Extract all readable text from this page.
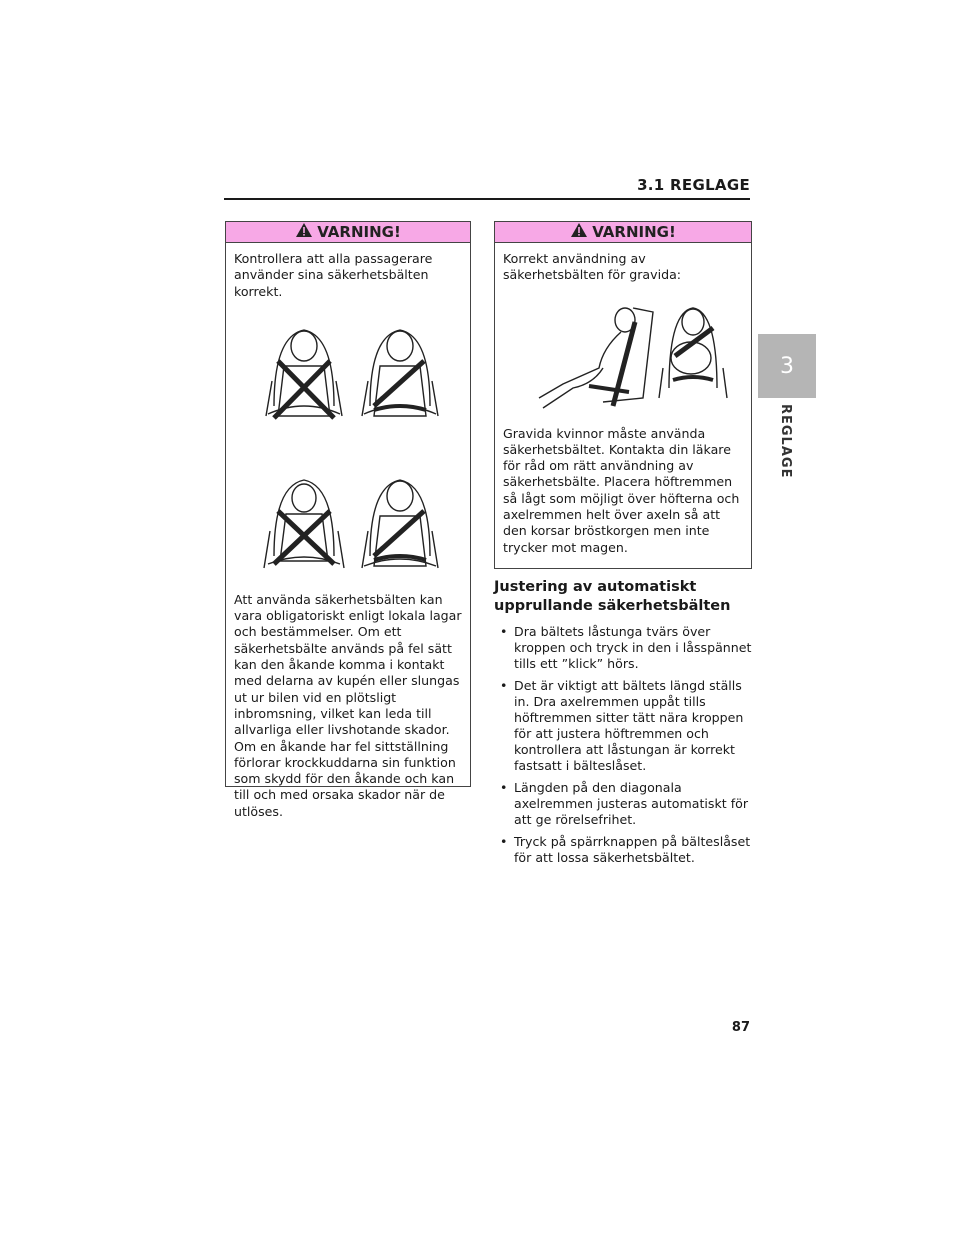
3.1 REGLAGE
3
REGLAGE
VARNING!

Kontrollera att alla passagerare använder sina säkerhetsbälten korrekt.

Att använda säkerhetsbälten kan vara obligatoriskt enligt lokala lagar och bestämmelser. Om ett säkerhetsbälte används på fel sätt kan den åkande komma i kontakt med delarna av kupén eller slungas ut ur bilen vid en plötsligt inbromsning, vilket kan leda till allvarliga eller livshotande skador. Om en åkande har fel sittställning förlorar krockkuddarna sin funktion som skydd för den åkande och kan till och med orsaka skador när de utlöses.

VARNING!

Korrekt användning av säkerhetsbälten för gravida:

Gravida kvinnor måste använda säkerhetsbältet. Kontakta din läkare för råd om rätt användning av säkerhetsbälte. Placera höftremmen så lågt som möjligt över höfterna och axelremmen helt över axeln så att den korsar bröstkorgen men inte trycker mot magen.

Justering av automatiskt upprullande säkerhetsbälten
• Dra bältets låstunga tvärs över kroppen och tryck in den i låsspännet tills ett ”klick” hörs.
• Det är viktigt att bältets längd ställs in. Dra axelremmen uppåt tills höftremmen sitter tätt nära kroppen för att justera höftremmen och kontrollera att låstungan är korrekt fastsatt i bälteslåset.
• Längden på den diagonala axelremmen justeras automatiskt för att ge rörelsefrihet.
• Tryck på spärrknappen på bälteslåset för att lossa säkerhetsbältet.
87
